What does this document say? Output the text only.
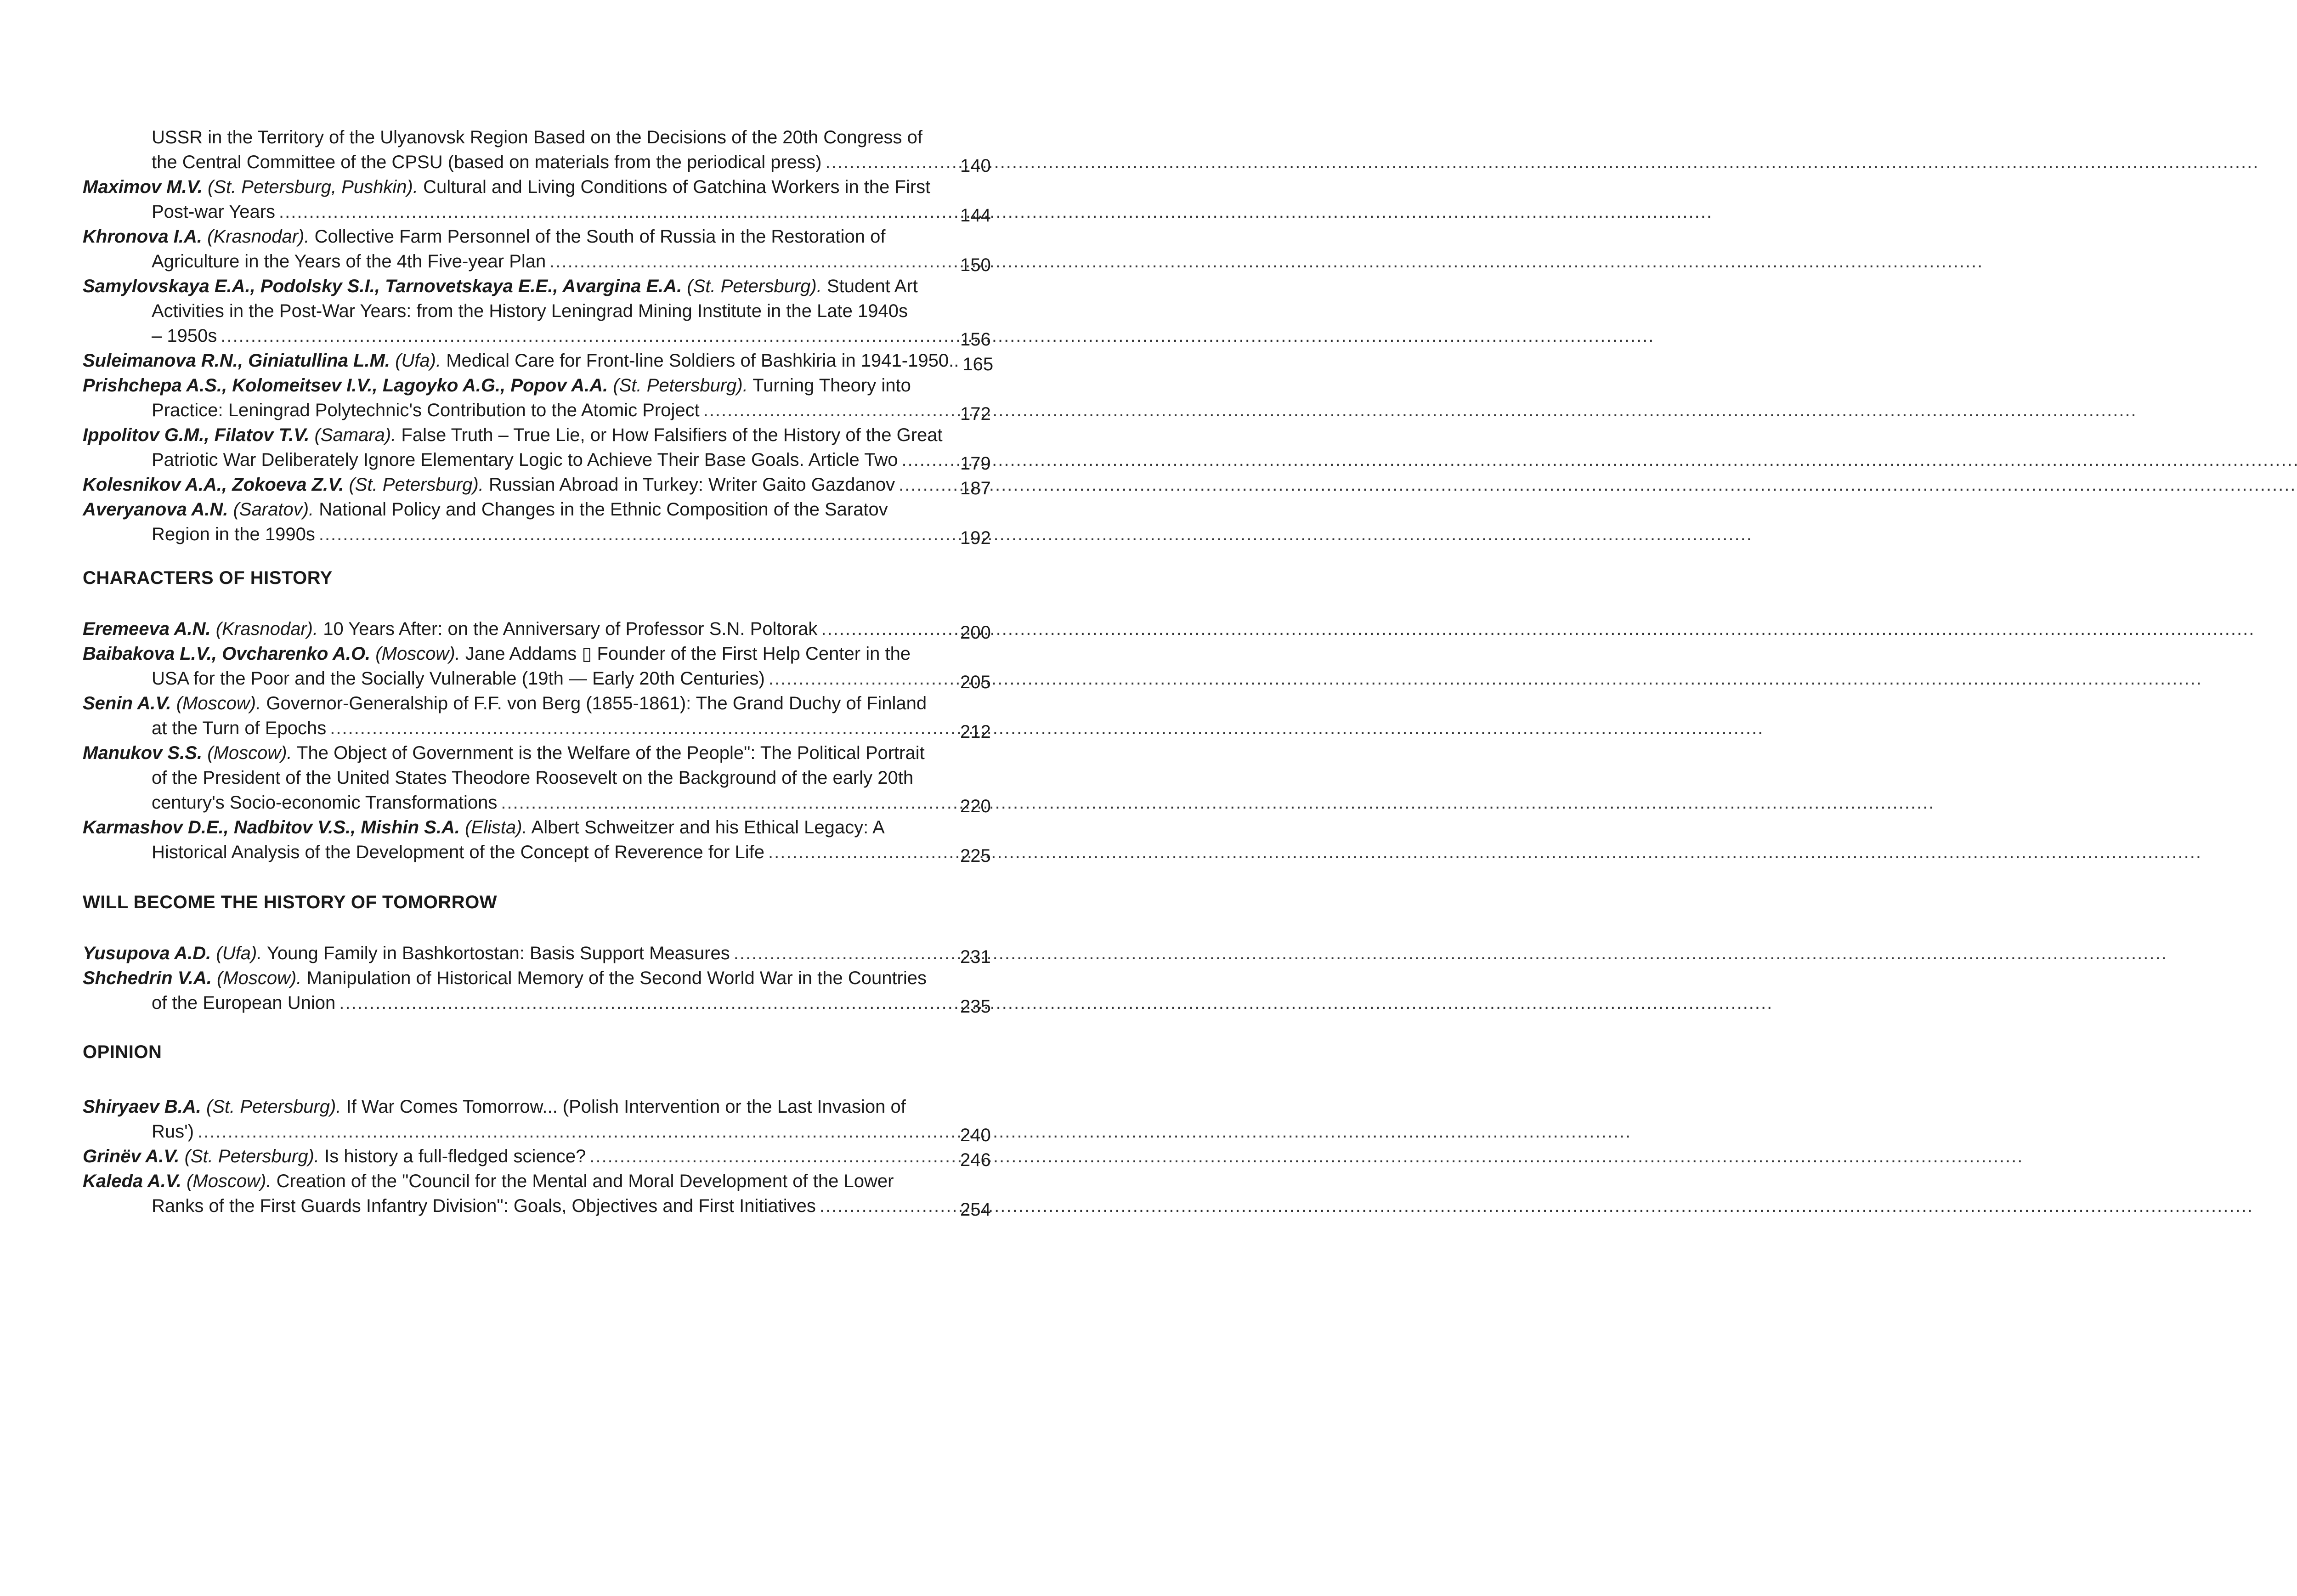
USSR in the Territory of the Ulyanovsk Region Based on the Decisions of the 20th Congress of
the Central Committee of the CPSU (based on materials from the periodical press) .....	140
Maximov M.V. (St. Petersburg, Pushkin). Cultural and Living Conditions of Gatchina Workers in the First
Post-war Years .....	144
Khronova I.A. (Krasnodar). Collective Farm Personnel of the South of Russia in the Restoration of
Agriculture in the Years of the 4th Five-year Plan .....	150
Samylovskaya E.A., Podolsky S.I., Tarnovetskaya E.E., Avargina E.A. (St. Petersburg). Student Art
Activities in the Post-War Years: from the History Leningrad Mining Institute in the Late 1940s
– 1950s .....	156
Suleimanova R.N., Giniatullina L.M. (Ufa). Medical Care for Front-line Soldiers of Bashkiria in 1941-1950.. 165
Prishchepa A.S., Kolomeitsev I.V., Lagoyko A.G., Popov A.A. (St. Petersburg). Turning Theory into
Practice: Leningrad Polytechnic's Contribution to the Atomic Project .....	172
Ippolitov G.M., Filatov T.V. (Samara). False Truth – True Lie, or How Falsifiers of the History of the Great
Patriotic War Deliberately Ignore Elementary Logic to Achieve Their Base Goals. Article Two .....	179
Kolesnikov A.A., Zokoeva Z.V. (St. Petersburg). Russian Abroad in Turkey: Writer Gaito Gazdanov .....	187
Averyanova A.N. (Saratov). National Policy and Changes in the Ethnic Composition of the Saratov
Region in the 1990s .....	192
Eremeeva A.N. (Krasnodar). 10 Years After: on the Anniversary of Professor S.N. Poltorak .....	200
Baibakova L.V., Ovcharenko A.O. (Moscow). Jane Addams ▯ Founder of the First Help Center in the
USA for the Poor and the Socially Vulnerable (19th — Early 20th Centuries) .....	205
Senin A.V. (Moscow). Governor-Generalship of F.F. von Berg (1855-1861): The Grand Duchy of Finland
at the Turn of Epochs .....	212
Manukov S.S. (Moscow). The Object of Government is the Welfare of the People": The Political Portrait
of the President of the United States Theodore Roosevelt on the Background of the early 20th
century's Socio-economic Transformations .....	220
Karmashov D.E., Nadbitov V.S., Mishin S.A. (Elista). Albert Schweitzer and his Ethical Legacy: A
Historical Analysis of the Development of the Concept of Reverence for Life .....	225
Yusupova A.D. (Ufa). Young Family in Bashkortostan: Basis Support Measures .....	231
Shchedrin V.A. (Moscow). Manipulation of Historical Memory of the Second World War in the Countries
of the European Union .....	235
Shiryaev B.A. (St. Petersburg). If War Comes Tomorrow... (Polish Intervention or the Last Invasion of
Rus') .....	240
Grinëv A.V. (St. Petersburg). Is history a full-fledged science? .....	246
Kaleda A.V. (Moscow). Creation of the "Council for the Mental and Moral Development of the Lower
Ranks of the First Guards Infantry Division": Goals, Objectives and First Initiatives .....	254
CHARACTERS OF HISTORY
WILL BECOME THE HISTORY OF TOMORROW
OPINION
